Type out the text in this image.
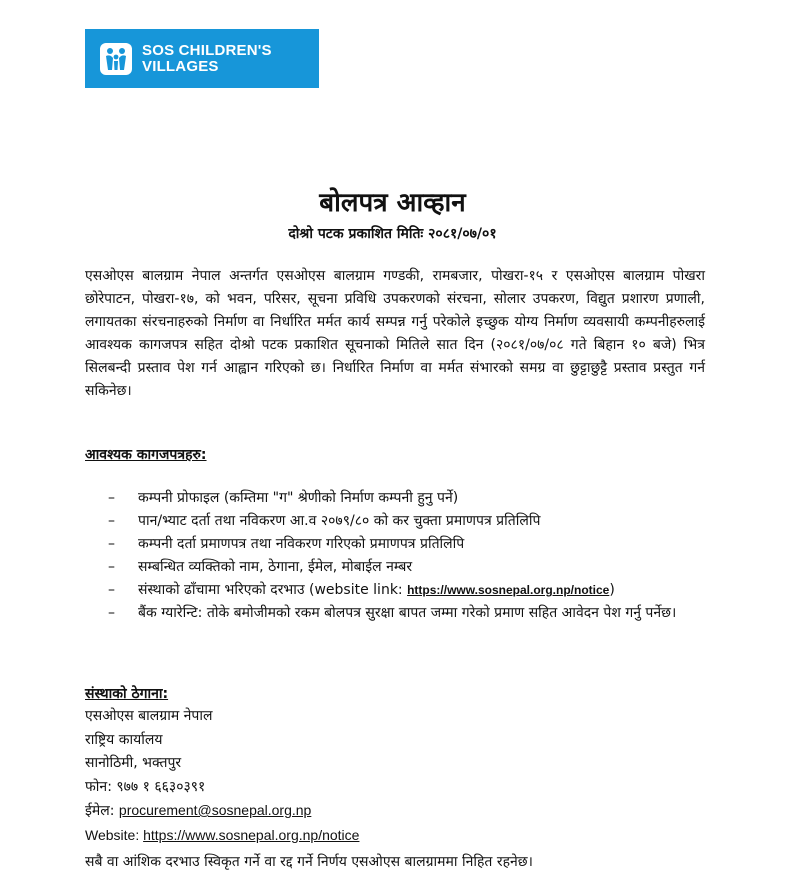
SOS CHILDREN'S
VILLAGES
बोलपत्र आव्हान
दोश्रो पटक प्रकाशित मितिः २०८१/०७/०१

एसओएस बालग्राम नेपाल अन्तर्गत एसओएस बालग्राम गण्डकी, रामबजार, पोखरा-१५ र एसओएस बालग्राम पोखरा छोरेपाटन, पोखरा-१७, को भवन, परिसर, सूचना प्रविधि उपकरणको संरचना, सोलार उपकरण, विद्युत प्रशारण प्रणाली, लगायतका संरचनाहरुको निर्माण वा निर्धारित मर्मत कार्य सम्पन्न गर्नु परेकोले इच्छुक योग्य निर्माण व्यवसायी कम्पनीहरुलाई आवश्यक कागजपत्र सहित दोश्रो पटक प्रकाशित सूचनाको मितिले सात दिन (२०८१/०७/०८ गते बिहान १० बजे) भित्र सिलबन्दी प्रस्ताव पेश गर्न आह्वान गरिएको छ। निर्धारित निर्माण वा मर्मत संभारको समग्र वा छुट्टाछुट्टै प्रस्ताव प्रस्तुत गर्न सकिनेछ।

आवश्यक कागजपत्रहरु:
– कम्पनी प्रोफाइल (कम्तिमा "ग" श्रेणीको निर्माण कम्पनी हुनु पर्ने)
– पान/भ्याट दर्ता तथा नविकरण आ.व २०७९/८० को कर चुक्ता प्रमाणपत्र प्रतिलिपि
– कम्पनी दर्ता प्रमाणपत्र तथा नविकरण गरिएको प्रमाणपत्र प्रतिलिपि
– सम्बन्धित व्यक्तिको नाम, ठेगाना, ईमेल, मोबाईल नम्बर
– संस्थाको ढाँचामा भरिएको दरभाउ (website link: https://www.sosnepal.org.np/notice)
– बैंक ग्यारेन्टि: तोके बमोजीमको रकम बोलपत्र सुरक्षा बापत जम्मा गरेको प्रमाण सहित आवेदन पेश गर्नु पर्नेछ।
संस्थाको ठेगाना:
एसओएस बालग्राम नेपाल
राष्ट्रिय कार्यालय
सानोठिमी, भक्तपुर
फोन: ९७७ १ ६६३०३९१
ईमेल: procurement@sosnepal.org.np
Website: https://www.sosnepal.org.np/notice
सबै वा आंशिक दरभाउ स्विकृत गर्ने वा रद्द गर्ने निर्णय एसओएस बालग्राममा निहित रहनेछ।
